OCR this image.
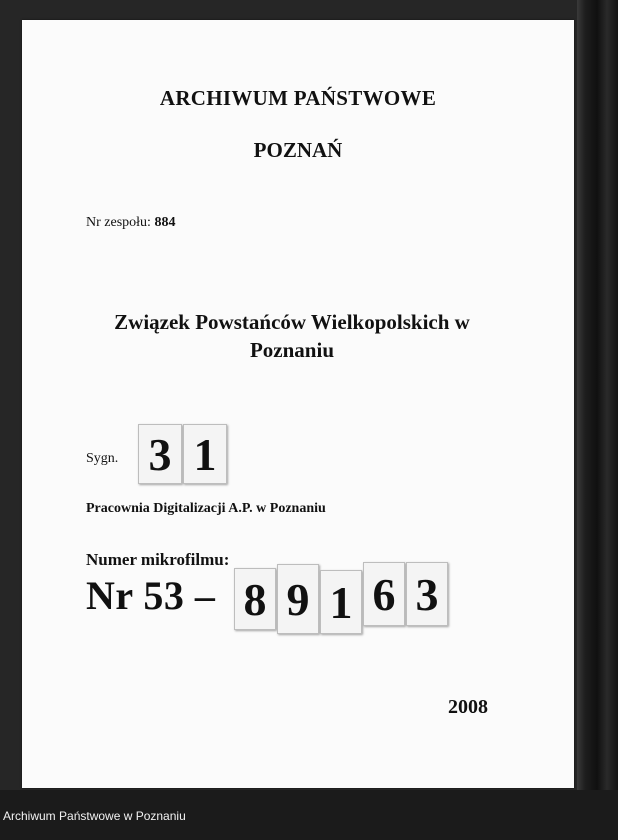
ARCHIWUM PAŃSTWOWE
POZNAŃ
Nr zespołu: 884
Związek Powstańców Wielkopolskich w
Poznaniu
Sygn. 3 1
Pracownia Digitalizacji A.P. w Poznaniu
Numer mikrofilmu:
Nr 53 – 8 9 1 6 3
2008
Archiwum Państwowe w Poznaniu
